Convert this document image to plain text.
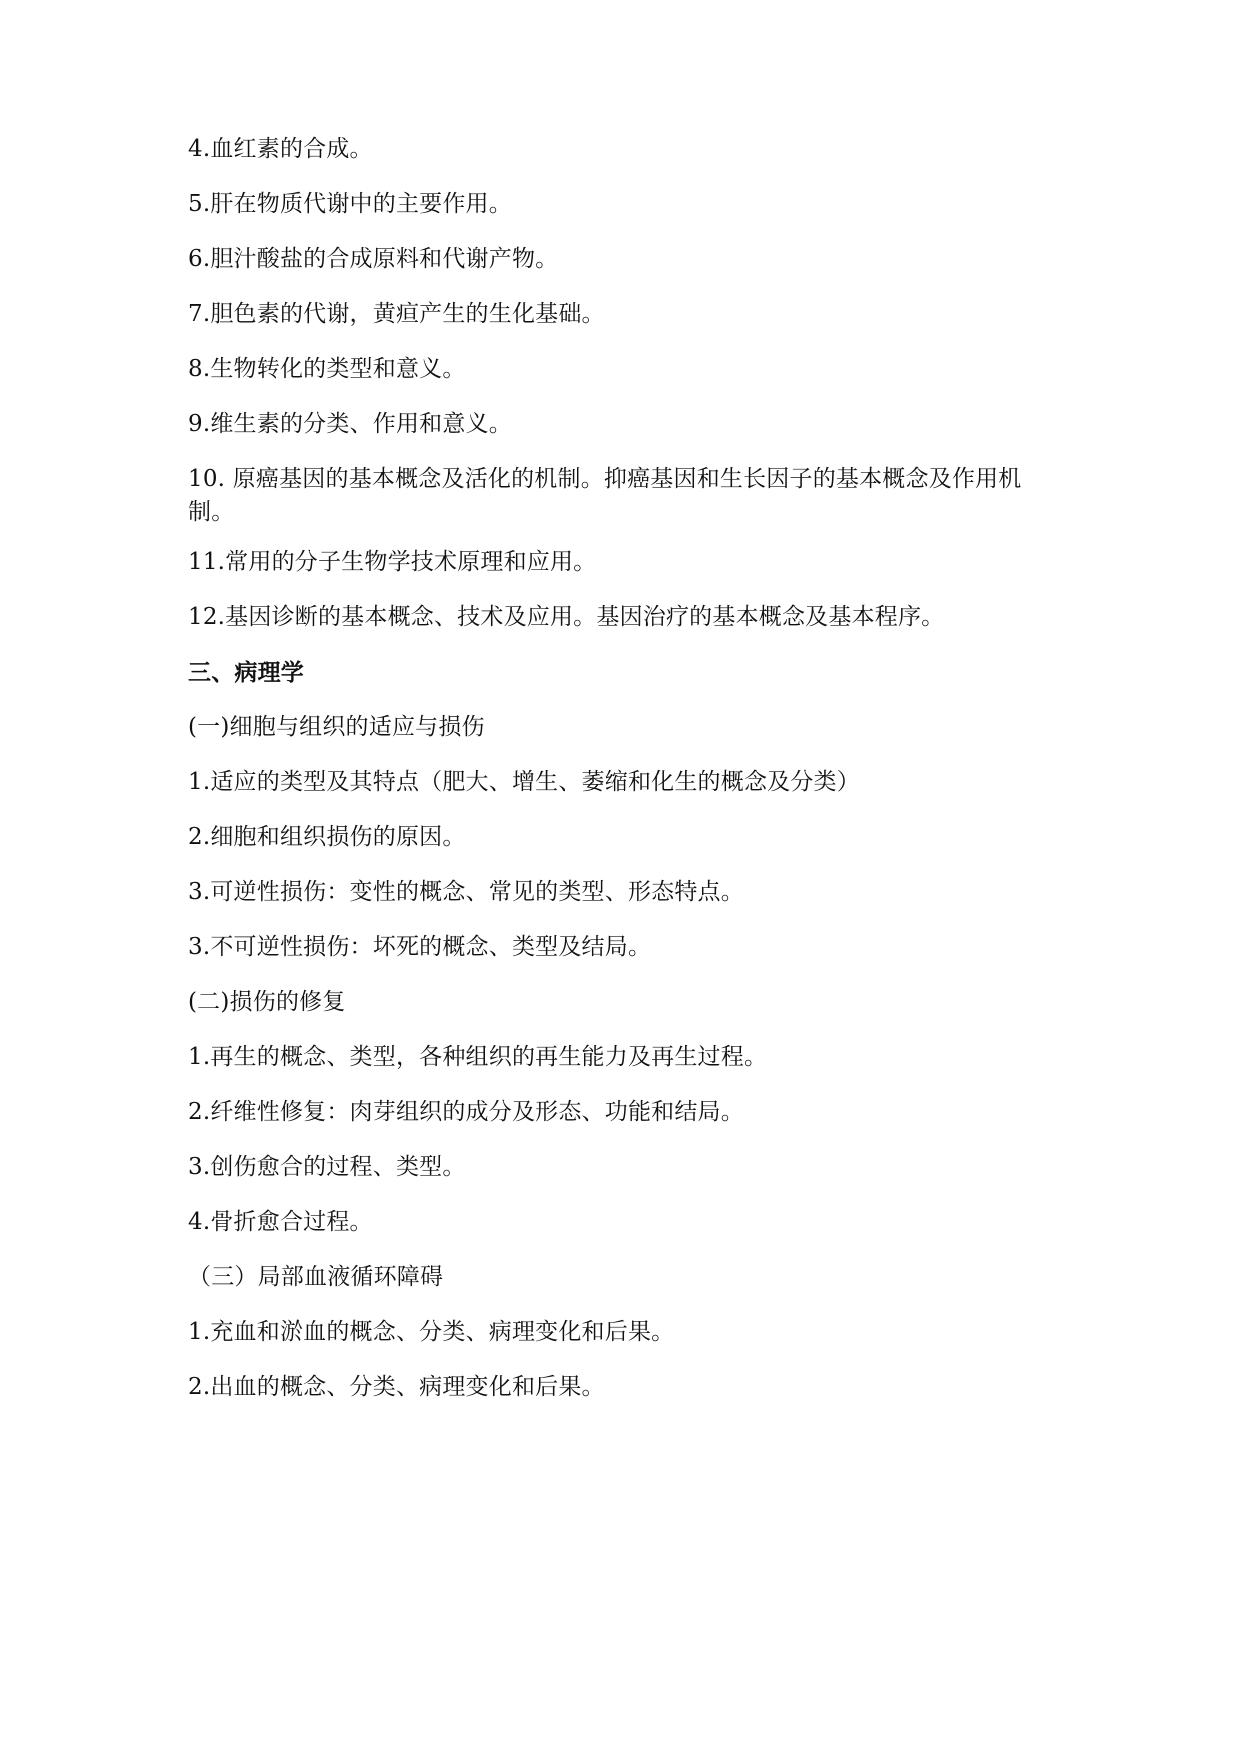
4.血红素的合成。
5.肝在物质代谢中的主要作用。
6.胆汁酸盐的合成原料和代谢产物。
7.胆色素的代谢，黄疸产生的生化基础。
8.生物转化的类型和意义。
9.维生素的分类、作用和意义。
10. 原癌基因的基本概念及活化的机制。抑癌基因和生长因子的基本概念及作用机制。
11.常用的分子生物学技术原理和应用。
12.基因诊断的基本概念、技术及应用。基因治疗的基本概念及基本程序。
三、病理学
(一)细胞与组织的适应与损伤
1.适应的类型及其特点（肥大、增生、萎缩和化生的概念及分类）
2.细胞和组织损伤的原因。
3.可逆性损伤：变性的概念、常见的类型、形态特点。
3.不可逆性损伤：坏死的概念、类型及结局。
(二)损伤的修复
1.再生的概念、类型，各种组织的再生能力及再生过程。
2.纤维性修复：肉芽组织的成分及形态、功能和结局。
3.创伤愈合的过程、类型。
4.骨折愈合过程。
（三）局部血液循环障碍
1.充血和淤血的概念、分类、病理变化和后果。
2.出血的概念、分类、病理变化和后果。
